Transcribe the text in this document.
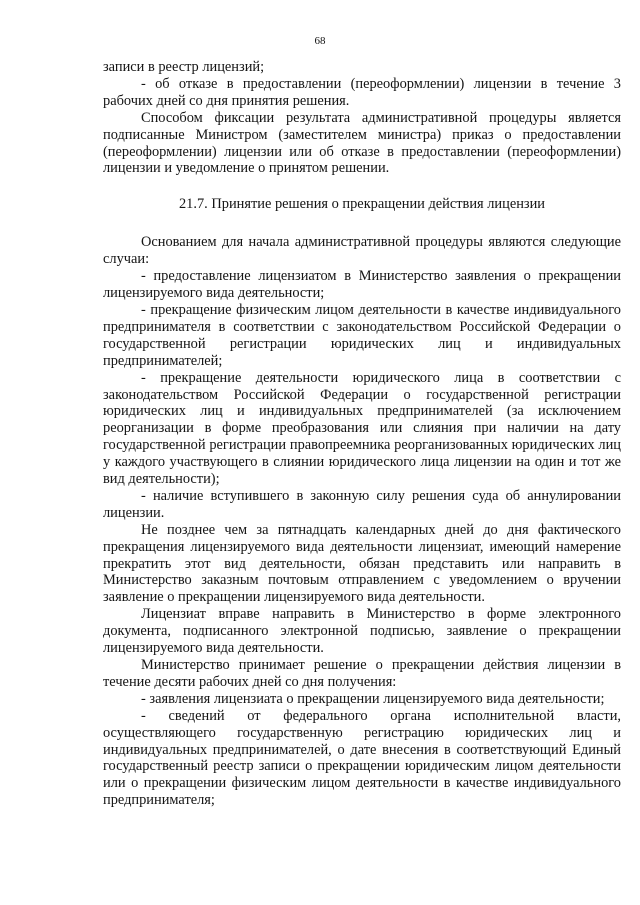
68

записи в реестр лицензий;

- об отказе в предоставлении (переоформлении) лицензии в течение 3 рабочих дней со дня принятия решения.

Способом фиксации результата административной процедуры является подписанные Министром (заместителем министра) приказ о предоставлении (переоформлении) лицензии или об отказе в предоставлении (переоформлении) лицензии и уведомление о принятом решении.

21.7. Принятие решения о прекращении действия лицензии

Основанием для начала административной процедуры являются следующие случаи:

- предоставление лицензиатом в Министерство заявления о прекращении лицензируемого вида деятельности;

- прекращение физическим лицом деятельности в качестве индивидуального предпринимателя в соответствии с законодательством Российской Федерации о государственной регистрации юридических лиц и индивидуальных предпринимателей;

- прекращение деятельности юридического лица в соответствии с законодательством Российской Федерации о государственной регистрации юридических лиц и индивидуальных предпринимателей (за исключением реорганизации в форме преобразования или слияния при наличии на дату государственной регистрации правопреемника реорганизованных юридических лиц у каждого участвующего в слиянии юридического лица лицензии на один и тот же вид деятельности);

- наличие вступившего в законную силу решения суда об аннулировании лицензии.

Не позднее чем за пятнадцать календарных дней до дня фактического прекращения лицензируемого вида деятельности лицензиат, имеющий намерение прекратить этот вид деятельности, обязан представить или направить в Министерство заказным почтовым отправлением с уведомлением о вручении заявление о прекращении лицензируемого вида деятельности.

Лицензиат вправе направить в Министерство в форме электронного документа, подписанного электронной подписью, заявление о прекращении лицензируемого вида деятельности.

Министерство принимает решение о прекращении действия лицензии в течение десяти рабочих дней со дня получения:

- заявления лицензиата о прекращении лицензируемого вида деятельности;

- сведений от федерального органа исполнительной власти, осуществляющего государственную регистрацию юридических лиц и индивидуальных предпринимателей, о дате внесения в соответствующий Единый государственный реестр записи о прекращении юридическим лицом деятельности или о прекращении физическим лицом деятельности в качестве индивидуального предпринимателя;
